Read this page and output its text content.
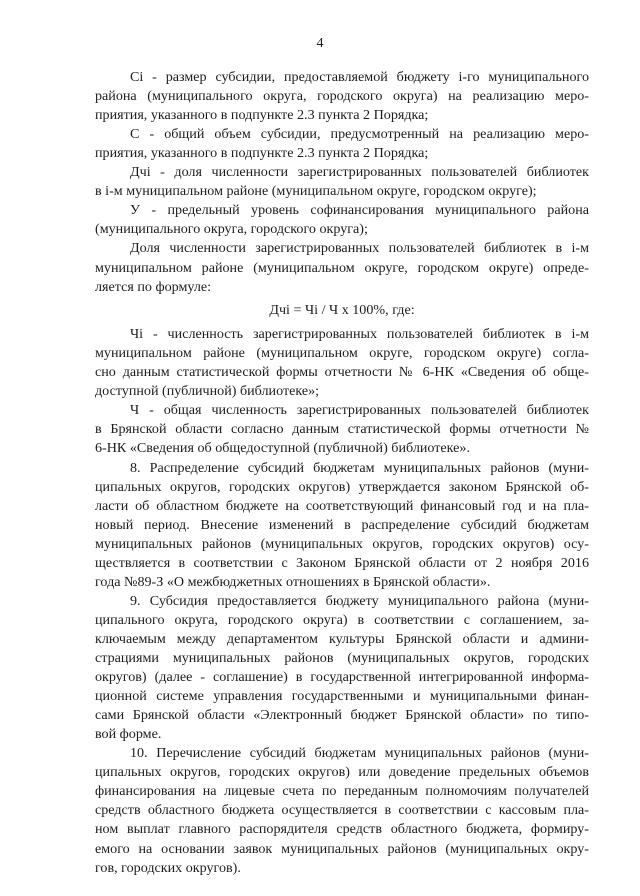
4
Сі - размер субсидии, предоставляемой бюджету і-го муниципального
района (муниципального округа, городского округа) на реализацию меро-
приятия, указанного в подпункте 2.3 пункта 2 Порядка;
С - общий объем субсидии, предусмотренный на реализацию меро-
приятия, указанного в подпункте 2.3 пункта 2 Порядка;
Дчі - доля численности зарегистрированных пользователей библиотек
в і-м муниципальном районе (муниципальном округе, городском округе);
У - предельный уровень софинансирования муниципального района
(муниципального округа, городского округа);
Доля численности зарегистрированных пользователей библиотек в і-м
муниципальном районе (муниципальном округе, городском округе) опреде-
ляется по формуле:
Дчі = Чі / Ч х 100%, где:
Чі - численность зарегистрированных пользователей библиотек в і-м
муниципальном районе (муниципальном округе, городском округе) согла-
сно данным статистической формы отчетности № 6-НК «Сведения об обще-
доступной (публичной) библиотеке»;
Ч - общая численность зарегистрированных пользователей библиотек
в Брянской области согласно данным статистической формы отчетности №
6-НК «Сведения об общедоступной (публичной) библиотеке».
8. Распределение субсидий бюджетам муниципальных районов (муни-
ципальных округов, городских округов) утверждается законом Брянской об-
ласти об областном бюджете на соответствующий финансовый год и на пла-
новый период. Внесение изменений в распределение субсидий бюджетам
муниципальных районов (муниципальных округов, городских округов) осу-
ществляется в соответствии с Законом Брянской области от 2 ноября 2016
года №89-З «О межбюджетных отношениях в Брянской области».
9. Субсидия предоставляется бюджету муниципального района (муни-
ципального округа, городского округа) в соответствии с соглашением, за-
ключаемым между департаментом культуры Брянской области и админи-
страциями муниципальных районов (муниципальных округов, городских
округов) (далее - соглашение) в государственной интегрированной информа-
ционной системе управления государственными и муниципальными финан-
сами Брянской области «Электронный бюджет Брянской области» по типо-
вой форме.
10. Перечисление субсидий бюджетам муниципальных районов (муни-
ципальных округов, городских округов) или доведение предельных объемов
финансирования на лицевые счета по переданным полномочиям получателей
средств областного бюджета осуществляется в соответствии с кассовым пла-
ном выплат главного распорядителя средств областного бюджета, формиру-
емого на основании заявок муниципальных районов (муниципальных окру-
гов, городских округов).
